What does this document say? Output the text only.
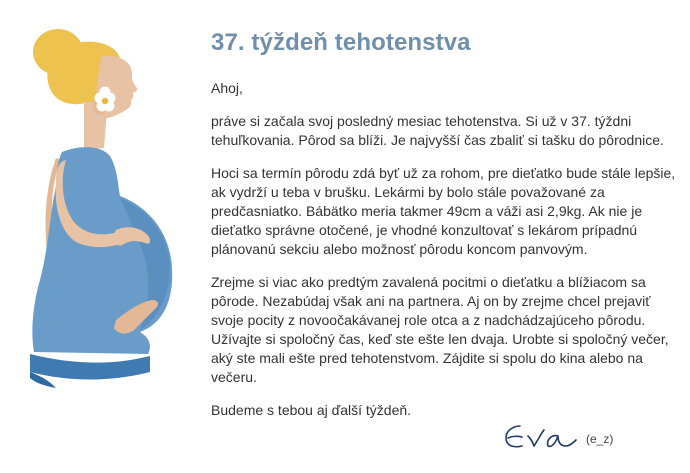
37. týždeň tehotenstva

Ahoj,

práve si začala svoj posledný mesiac tehotenstva. Si už v 37. týždni tehuľkovania. Pôrod sa blíži. Je najvyšší čas zbaliť si tašku do pôrodnice.

Hoci sa termín pôrodu zdá byť už za rohom, pre dieťatko bude stále lepšie, ak vydrží u teba v brušku. Lekármi by bolo stále považované za predčasniatko. Bábätko meria takmer 49cm a váži asi 2,9kg. Ak nie je dieťatko správne otočené, je vhodné konzultovať s lekárom prípadnú plánovanú sekciu alebo možnosť pôrodu koncom panvovým.

Zrejme si viac ako predtým zavalená pocitmi o dieťatku a blížiacom sa pôrode. Nezabúdaj však ani na partnera. Aj on by zrejme chcel prejaviť svoje pocity z novoočakávanej role otca a z nadchádzajúceho pôrodu. Užívajte si spoločný čas, keď ste ešte len dvaja. Urobte si spoločný večer, aký ste mali ešte pred tehotenstvom. Zájdite si spolu do kina alebo na večeru.

Budeme s tebou aj ďalší týždeň.

(e_z)
